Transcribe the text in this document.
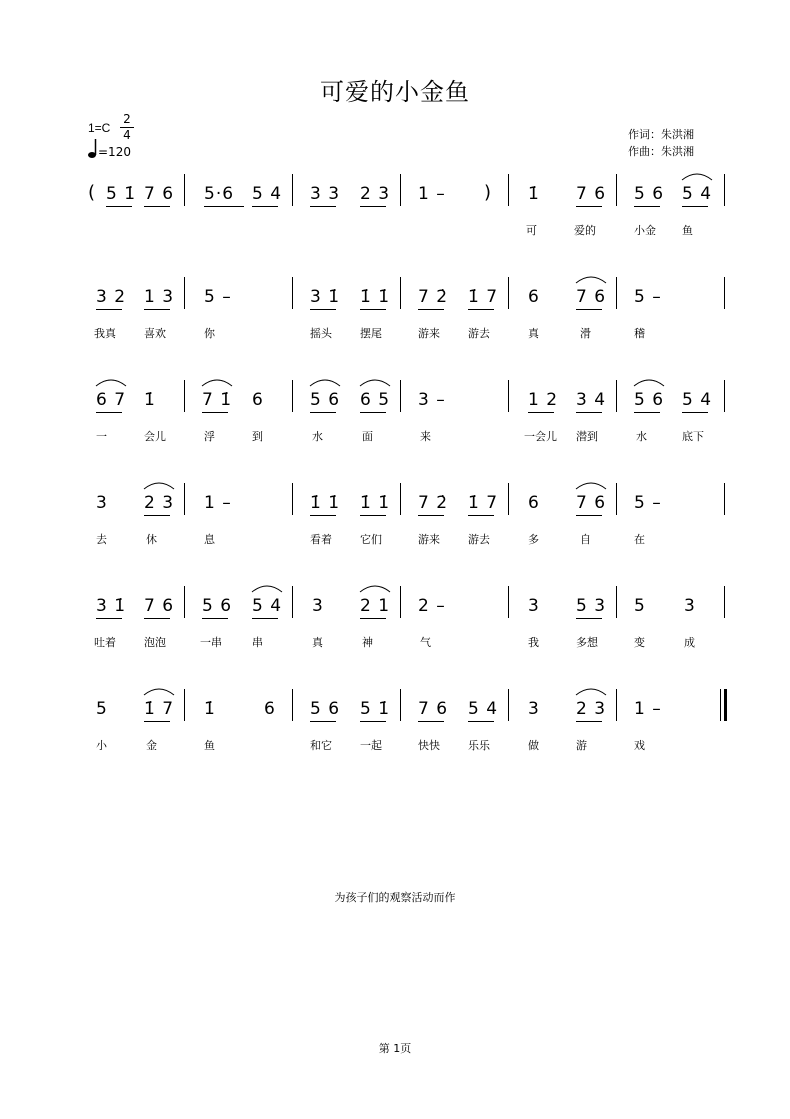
可爱的小金鱼
1=C
2
4
=120
作词：朱洪湘
作曲：朱洪湘
( 5 1̇ 7 6 5·6 5 4 3 3 2 3 1 – ) 1̇ 7 6 5 6 5 4
可	爱的	小金 鱼
3 2 1 3 5 –	3 1̇ 1̇ 1̇ 7 2̇ 1̇ 7 6 7 6 5 –
我真	喜欢	你	摇头	摆尾	游来	游去	真	滑	稽
6 7 1̇	7 1̇ 6	5 6 6 5 3 –	1 2 3 4 5 6 5 4
一	会儿	浮	到	水	面	来	一会儿 潜到	水	底下
3 2 3 1 –	1̇ 1̇ 1̇ 1̇ 7 2̇ 1̇ 7 6 7 6 5 –
去	休	息	看着	它们	游来	游去	多	自	在
3 1̇ 7 6 5 6 5 4 3 2 1 2 –	3 5 3 5 3
吐着	泡泡	一串	串	真	神	气	我	多想	变	成
5 1̇ 7 1̇	6 5 6 5 1̇ 7 6 5 4 3 2 3 1 –
小	金	鱼	和它	一起	快快	乐乐	做	游	戏
为孩子们的观察活动而作
第 1页
